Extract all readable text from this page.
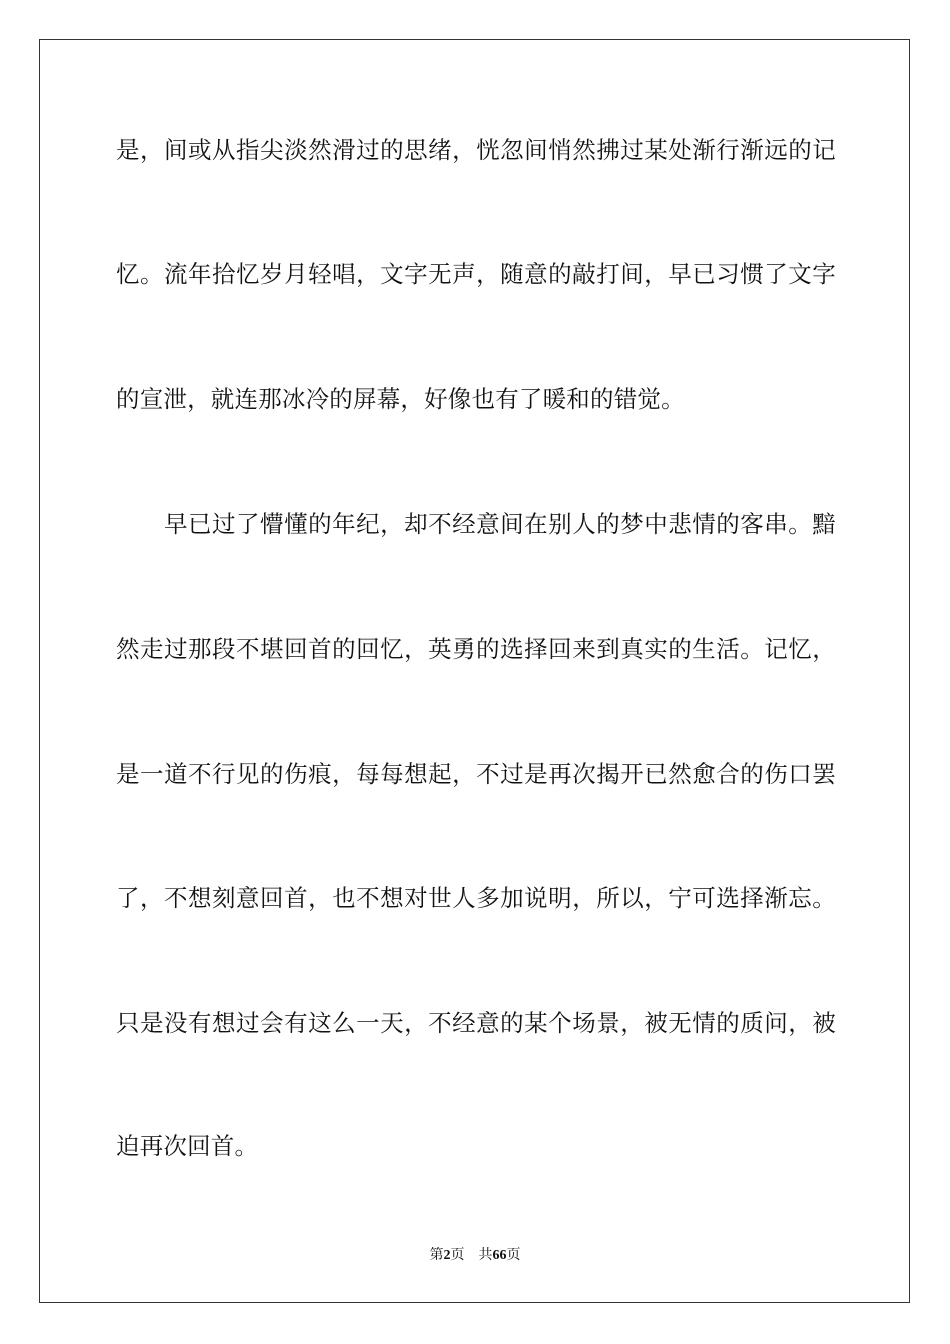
是，间或从指尖淡然滑过的思绪，恍忽间悄然拂过某处渐行渐远的记
忆。流年拾忆岁月轻唱，文字无声，随意的敲打间，早已习惯了文字
的宣泄，就连那冰冷的屏幕，好像也有了暖和的错觉。
　　早已过了懵懂的年纪，却不经意间在别人的梦中悲情的客串。黯
然走过那段不堪回首的回忆，英勇的选择回来到真实的生活。记忆，
是一道不行见的伤痕，每每想起，不过是再次揭开已然愈合的伤口罢
了，不想刻意回首，也不想对世人多加说明，所以，宁可选择渐忘。
只是没有想过会有这么一天，不经意的某个场景，被无情的质问，被
迫再次回首。
第2页 共66页
